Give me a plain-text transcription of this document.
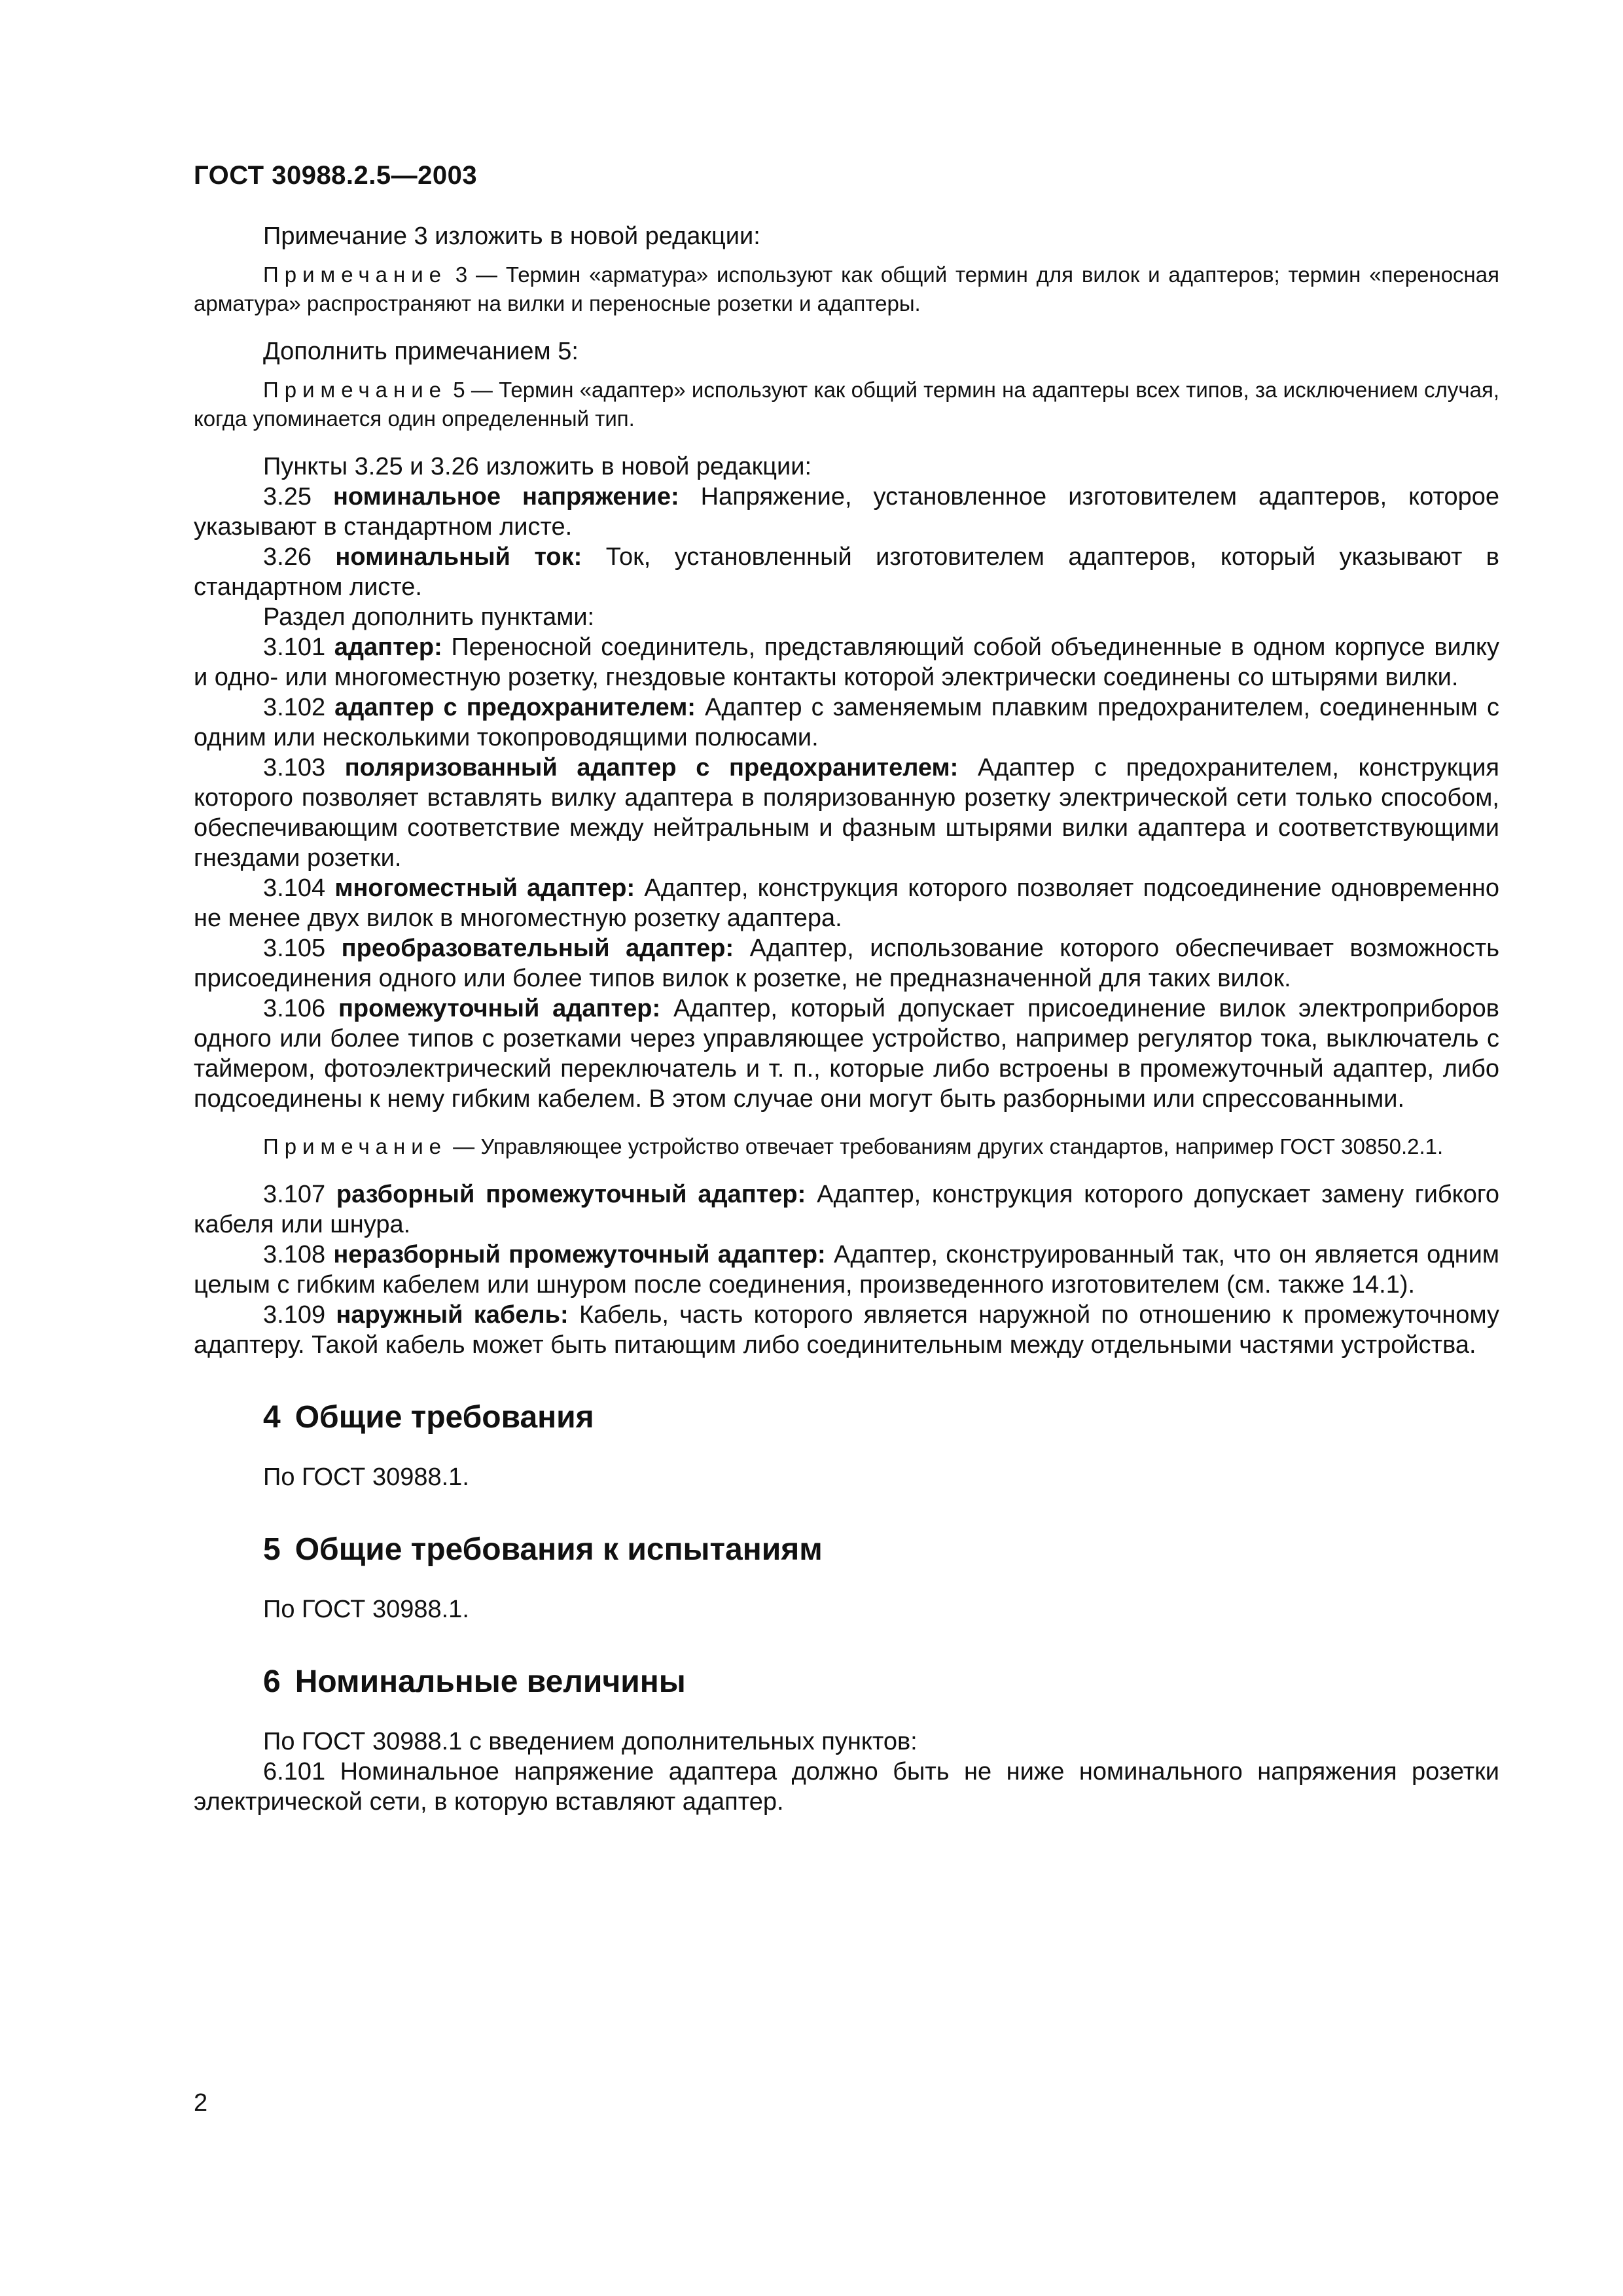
ГОСТ 30988.2.5—2003

Примечание 3 изложить в новой редакции:

Примечание 3 — Термин «арматура» используют как общий термин для вилок и адаптеров; термин «переносная арматура» распространяют на вилки и переносные розетки и адаптеры.

Дополнить примечанием 5:

Примечание 5 — Термин «адаптер» используют как общий термин на адаптеры всех типов, за исключением случая, когда упоминается один определенный тип.

Пункты 3.25 и 3.26 изложить в новой редакции:

3.25 номинальное напряжение: Напряжение, установленное изготовителем адаптеров, которое указывают в стандартном листе.

3.26 номинальный ток: Ток, установленный изготовителем адаптеров, который указывают в стандартном листе.

Раздел дополнить пунктами:

3.101 адаптер: Переносной соединитель, представляющий собой объединенные в одном корпусе вилку и одно- или многоместную розетку, гнездовые контакты которой электрически соединены со штырями вилки.

3.102 адаптер с предохранителем: Адаптер с заменяемым плавким предохранителем, соединенным с одним или несколькими токопроводящими полюсами.

3.103 поляризованный адаптер с предохранителем: Адаптер с предохранителем, конструкция которого позволяет вставлять вилку адаптера в поляризованную розетку электрической сети только способом, обеспечивающим соответствие между нейтральным и фазным штырями вилки адаптера и соответствующими гнездами розетки.

3.104 многоместный адаптер: Адаптер, конструкция которого позволяет подсоединение одновременно не менее двух вилок в многоместную розетку адаптера.

3.105 преобразовательный адаптер: Адаптер, использование которого обеспечивает возможность присоединения одного или более типов вилок к розетке, не предназначенной для таких вилок.

3.106 промежуточный адаптер: Адаптер, который допускает присоединение вилок электроприборов одного или более типов с розетками через управляющее устройство, например регулятор тока, выключатель с таймером, фотоэлектрический переключатель и т. п., которые либо встроены в промежуточный адаптер, либо подсоединены к нему гибким кабелем. В этом случае они могут быть разборными или спрессованными.

Примечание — Управляющее устройство отвечает требованиям других стандартов, например ГОСТ 30850.2.1.

3.107 разборный промежуточный адаптер: Адаптер, конструкция которого допускает замену гибкого кабеля или шнура.

3.108 неразборный промежуточный адаптер: Адаптер, сконструированный так, что он является одним целым с гибким кабелем или шнуром после соединения, произведенного изготовителем (см. также 14.1).

3.109 наружный кабель: Кабель, часть которого является наружной по отношению к промежуточному адаптеру. Такой кабель может быть питающим либо соединительным между отдельными частями устройства.

4 Общие требования

По ГОСТ 30988.1.

5 Общие требования к испытаниям

По ГОСТ 30988.1.

6 Номинальные величины

По ГОСТ 30988.1 с введением дополнительных пунктов:

6.101 Номинальное напряжение адаптера должно быть не ниже номинального напряжения розетки электрической сети, в которую вставляют адаптер.

2
